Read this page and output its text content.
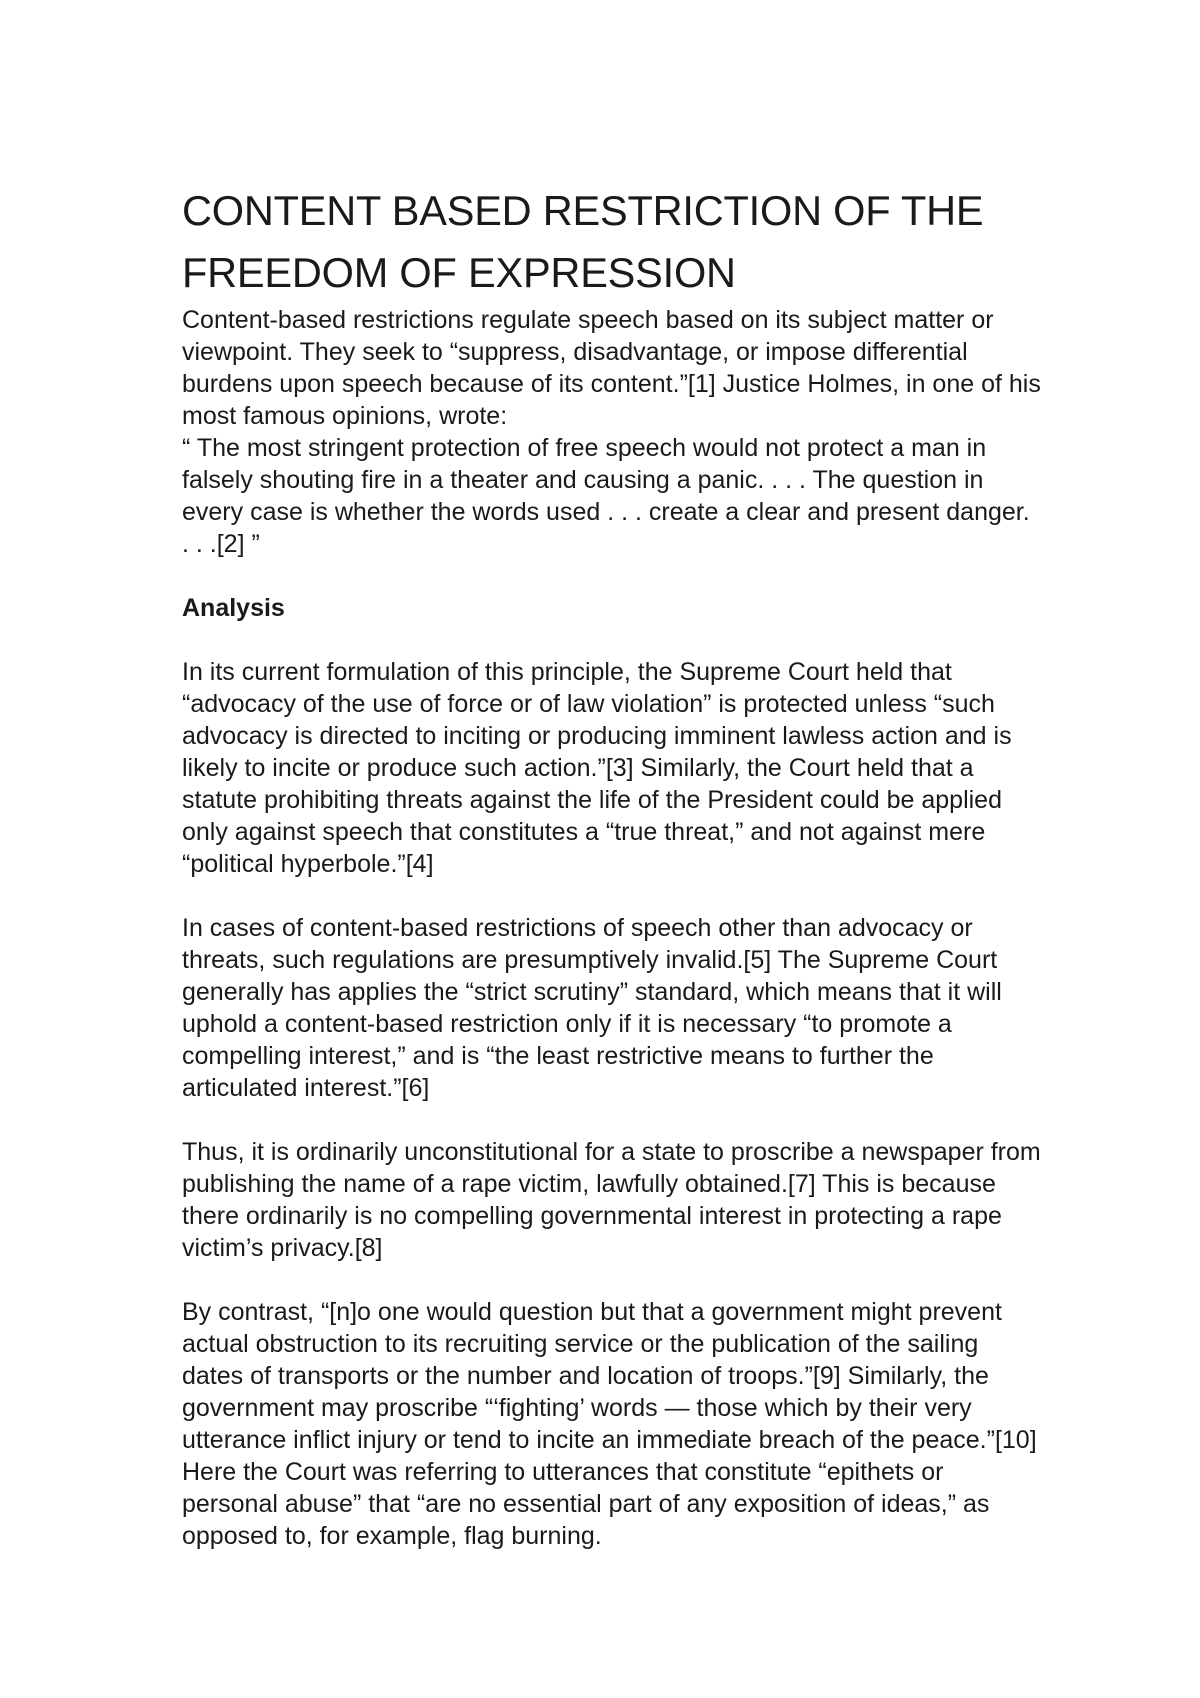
CONTENT BASED RESTRICTION OF THE FREEDOM OF EXPRESSION

Content-based restrictions regulate speech based on its subject matter or viewpoint. They seek to “suppress, disadvantage, or impose differential burdens upon speech because of its content.”[1] Justice Holmes, in one of his most famous opinions, wrote:

“ The most stringent protection of free speech would not protect a man in falsely shouting fire in a theater and causing a panic. . . . The question in every case is whether the words used . . . create a clear and present danger. . . .[2] ”

Analysis

In its current formulation of this principle, the Supreme Court held that “advocacy of the use of force or of law violation” is protected unless “such advocacy is directed to inciting or producing imminent lawless action and is likely to incite or produce such action.”[3] Similarly, the Court held that a statute prohibiting threats against the life of the President could be applied only against speech that constitutes a “true threat,” and not against mere “political hyperbole.”[4]

In cases of content-based restrictions of speech other than advocacy or threats, such regulations are presumptively invalid.[5] The Supreme Court generally has applies the “strict scrutiny” standard, which means that it will uphold a content-based restriction only if it is necessary “to promote a compelling interest,” and is “the least restrictive means to further the articulated interest.”[6]

Thus, it is ordinarily unconstitutional for a state to proscribe a newspaper from publishing the name of a rape victim, lawfully obtained.[7] This is because there ordinarily is no compelling governmental interest in protecting a rape victim’s privacy.[8]

By contrast, “[n]o one would question but that a government might prevent actual obstruction to its recruiting service or the publication of the sailing dates of transports or the number and location of troops.”[9] Similarly, the government may proscribe “‘fighting’ words — those which by their very utterance inflict injury or tend to incite an immediate breach of the peace.”[10] Here the Court was referring to utterances that constitute “epithets or personal abuse” that “are no essential part of any exposition of ideas,” as opposed to, for example, flag burning.
